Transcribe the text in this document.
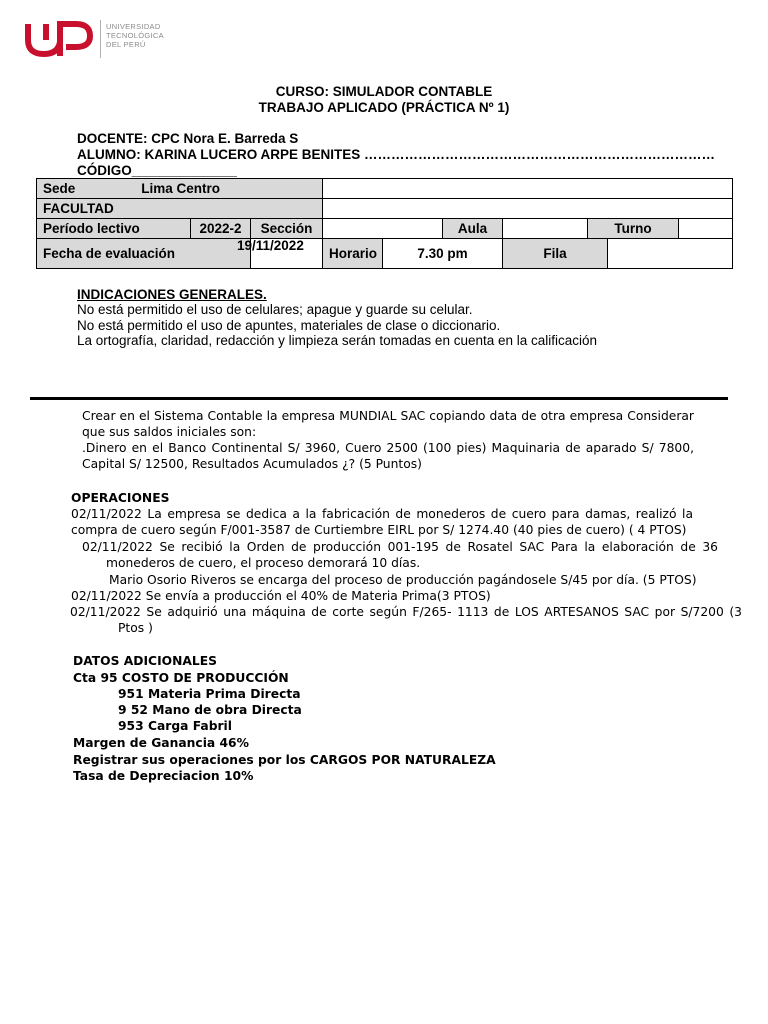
UNIVERSIDAD
TECNOLÓGICA
DEL PERÚ
CURSO: SIMULADOR CONTABLE
TRABAJO APLICADO (PRÁCTICA Nº 1)
DOCENTE: CPC Nora E. Barreda S
ALUMNO: KARINA LUCERO ARPE BENITES ……………………………………………………………………
CÓDIGO______________
Sede Lima Centro										
FACULTAD										
Período lectivo	2022-2	Sección				Aula		Turno		
Fecha de evaluación		19/11/2022		Horario	7.30 pm		Fila			
INDICACIONES GENERALES.
No está permitido el uso de celulares; apague y guarde su celular.
No está permitido el uso de apuntes, materiales de clase o diccionario.
La ortografía, claridad, redacción y limpieza serán tomadas en cuenta en la calificación
Crear en el Sistema Contable la empresa MUNDIAL SAC copiando data de otra empresa Considerar que sus saldos iniciales son:
.Dinero en el Banco Continental S/ 3960, Cuero 2500 (100 pies) Maquinaria de aparado S/ 7800, Capital S/ 12500, Resultados Acumulados ¿? (5 Puntos)
OPERACIONES
02/11/2022 La empresa se dedica a la fabricación de monederos de cuero para damas, realizó la compra de cuero según F/001-3587 de Curtiembre EIRL por S/ 1274.40 (40 pies de cuero) ( 4 PTOS)
02/11/2022 Se recibió la Orden de producción 001-195 de Rosatel SAC Para la elaboración de 36 monederos de cuero, el proceso demorará 10 días.
Mario Osorio Riveros se encarga del proceso de producción pagándosele S/45 por día. (5 PTOS)
02/11/2022 Se envía a producción el 40% de Materia Prima(3 PTOS)
02/11/2022 Se adquirió una máquina de corte según F/265- 1113 de LOS ARTESANOS SAC por S/7200 (3 Ptos )
DATOS ADICIONALES
Cta 95 COSTO DE PRODUCCIÓN
951 Materia Prima Directa
9 52 Mano de obra Directa
953 Carga Fabril
Margen de Ganancia 46%
Registrar sus operaciones por los CARGOS POR NATURALEZA
Tasa de Depreciacion 10%
